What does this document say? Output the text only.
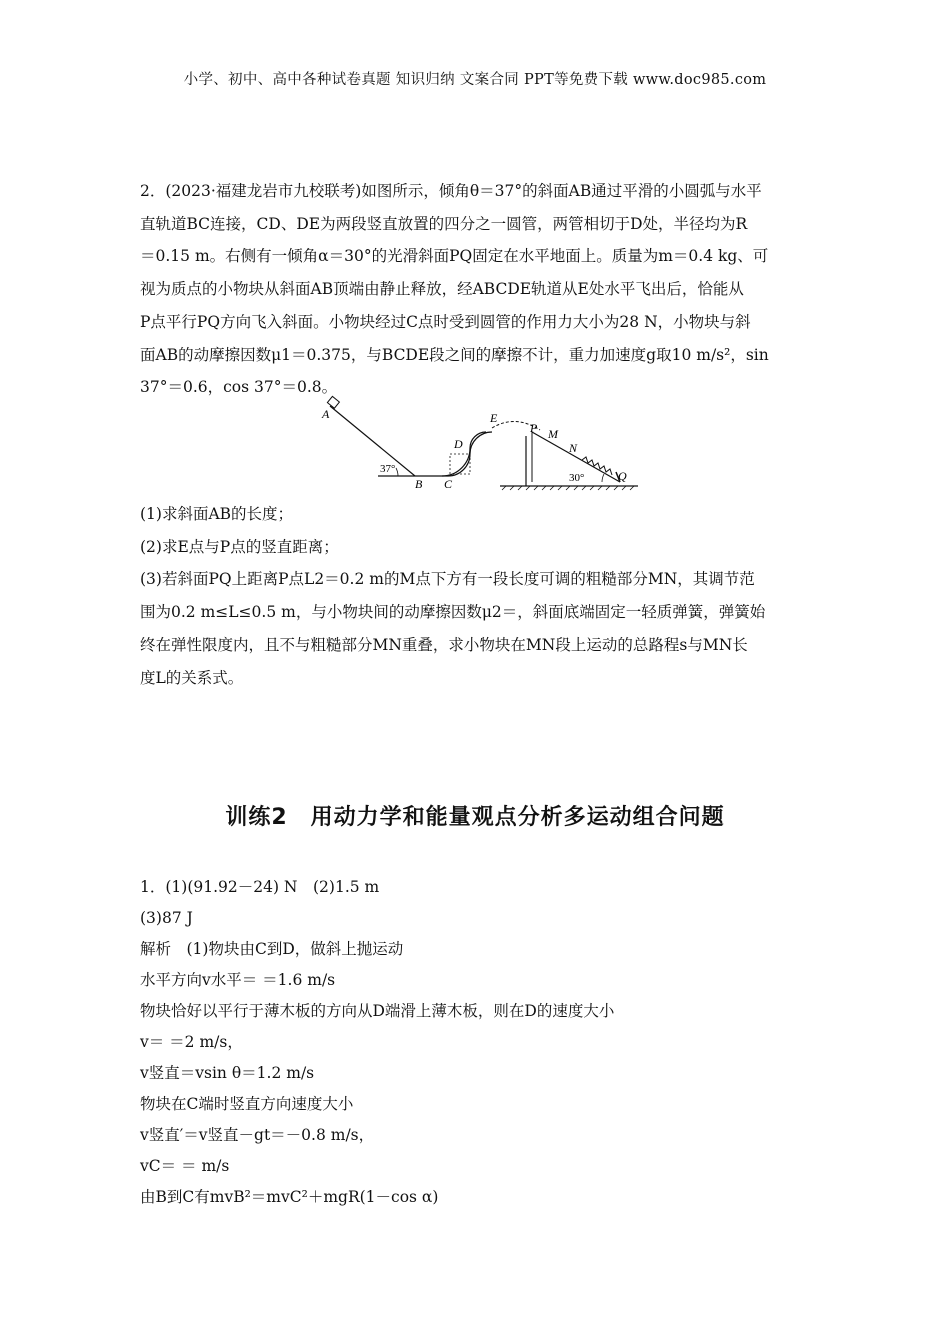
小学、初中、高中各种试卷真题 知识归纳 文案合同 PPT等免费下载 www.doc985.com

2．(2023·福建龙岩市九校联考)如图所示，倾角θ＝37°的斜面AB通过平滑的小圆弧与水平

直轨道BC连接，CD、DE为两段竖直放置的四分之一圆管，两管相切于D处，半径均为R

＝0.15 m。右侧有一倾角α＝30°的光滑斜面PQ固定在水平地面上。质量为m＝0.4 kg、可

视为质点的小物块从斜面AB顶端由静止释放，经ABCDE轨道从E处水平飞出后，恰能从

P点平行PQ方向飞入斜面。小物块经过C点时受到圆管的作用力大小为28 N，小物块与斜

面AB的动摩擦因数μ1＝0.375，与BCDE段之间的摩擦不计，重力加速度g取10 m/s²，sin

37°＝0.6，cos 37°＝0.8。

A
B C
D
E
P M
N
Q
37°
30°

(1)求斜面AB的长度；

(2)求E点与P点的竖直距离；

(3)若斜面PQ上距离P点L2＝0.2 m的M点下方有一段长度可调的粗糙部分MN，其调节范

围为0.2 m≤L≤0.5 m，与小物块间的动摩擦因数μ2＝，斜面底端固定一轻质弹簧，弹簧始

终在弹性限度内，且不与粗糙部分MN重叠，求小物块在MN段上运动的总路程s与MN长

度L的关系式。

训练2　用动力学和能量观点分析多运动组合问题

1．(1)(91.92－24) N　(2)1.5 m

(3)87 J

解析　(1)物块由C到D，做斜上抛运动

水平方向v水平＝ ＝1.6 m/s

物块恰好以平行于薄木板的方向从D端滑上薄木板，则在D的速度大小

v＝ ＝2 m/s，

v竖直＝vsin θ＝1.2 m/s

物块在C端时竖直方向速度大小

v竖直′＝v竖直－gt＝－0.8 m/s，

vC＝ ＝ m/s

由B到C有mvB²＝mvC²＋mgR(1－cos α)
